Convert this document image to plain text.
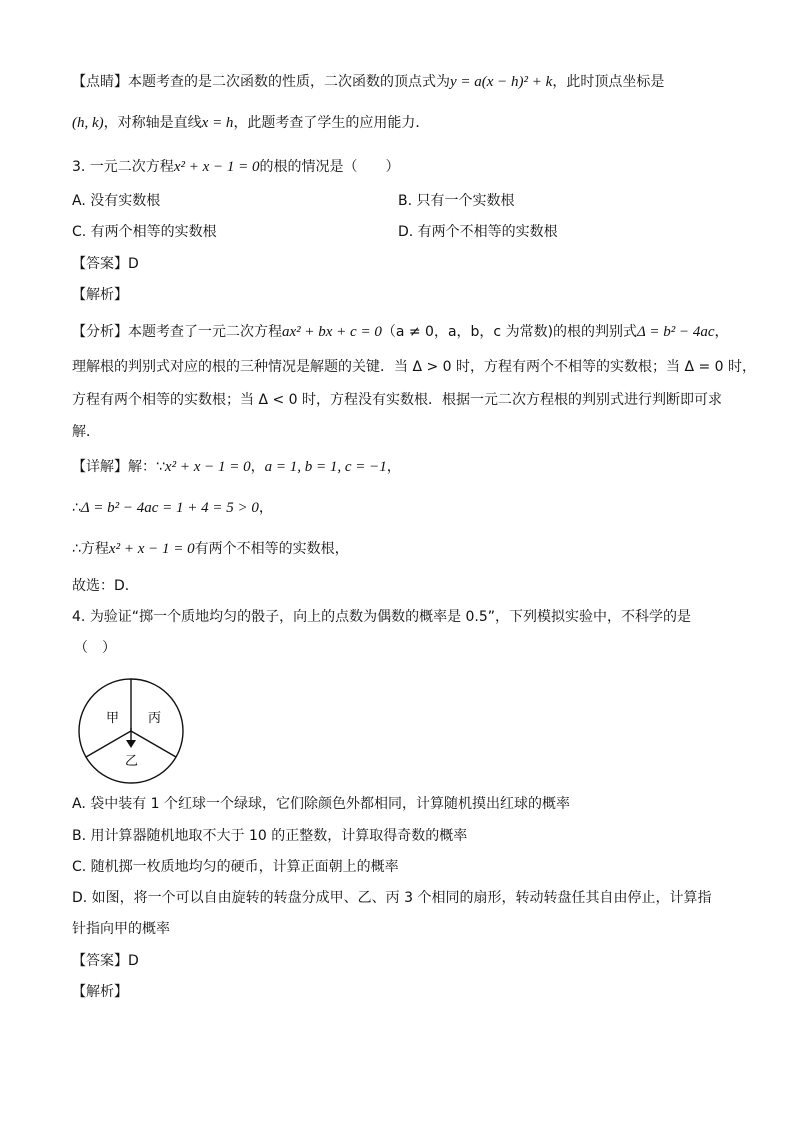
【点睛】本题考查的是二次函数的性质，二次函数的顶点式为y = a(x − h)² + k，此时顶点坐标是
(h, k)，对称轴是直线x = h，此题考查了学生的应用能力．
3. 一元二次方程x² + x − 1 = 0的根的情况是（　　）
A. 没有实数根	B. 只有一个实数根
C. 有两个相等的实数根	D. 有两个不相等的实数根
【答案】D
【解析】
【分析】本题考查了一元二次方程ax² + bx + c = 0（a ≠ 0，a，b，c 为常数)的根的判别式Δ = b² − 4ac，
理解根的判别式对应的根的三种情况是解题的关键．当 Δ > 0 时，方程有两个不相等的实数根；当 Δ = 0 时，
方程有两个相等的实数根；当 Δ < 0 时，方程没有实数根．根据一元二次方程根的判别式进行判断即可求
解．
【详解】解：∵x² + x − 1 = 0，a = 1, b = 1, c = −1，
∴Δ = b² − 4ac = 1 + 4 = 5 > 0，
∴方程x² + x − 1 = 0有两个不相等的实数根，
故选：D．
4. 为验证“掷一个质地均匀的骰子，向上的点数为偶数的概率是 0.5”，下列模拟实验中，不科学的是
（　）
甲 丙
乙
A. 袋中装有 1 个红球一个绿球，它们除颜色外都相同，计算随机摸出红球的概率
B. 用计算器随机地取不大于 10 的正整数，计算取得奇数的概率
C. 随机掷一枚质地均匀的硬币，计算正面朝上的概率
D. 如图，将一个可以自由旋转的转盘分成甲、乙、丙 3 个相同的扇形，转动转盘任其自由停止，计算指
针指向甲的概率
【答案】D
【解析】
